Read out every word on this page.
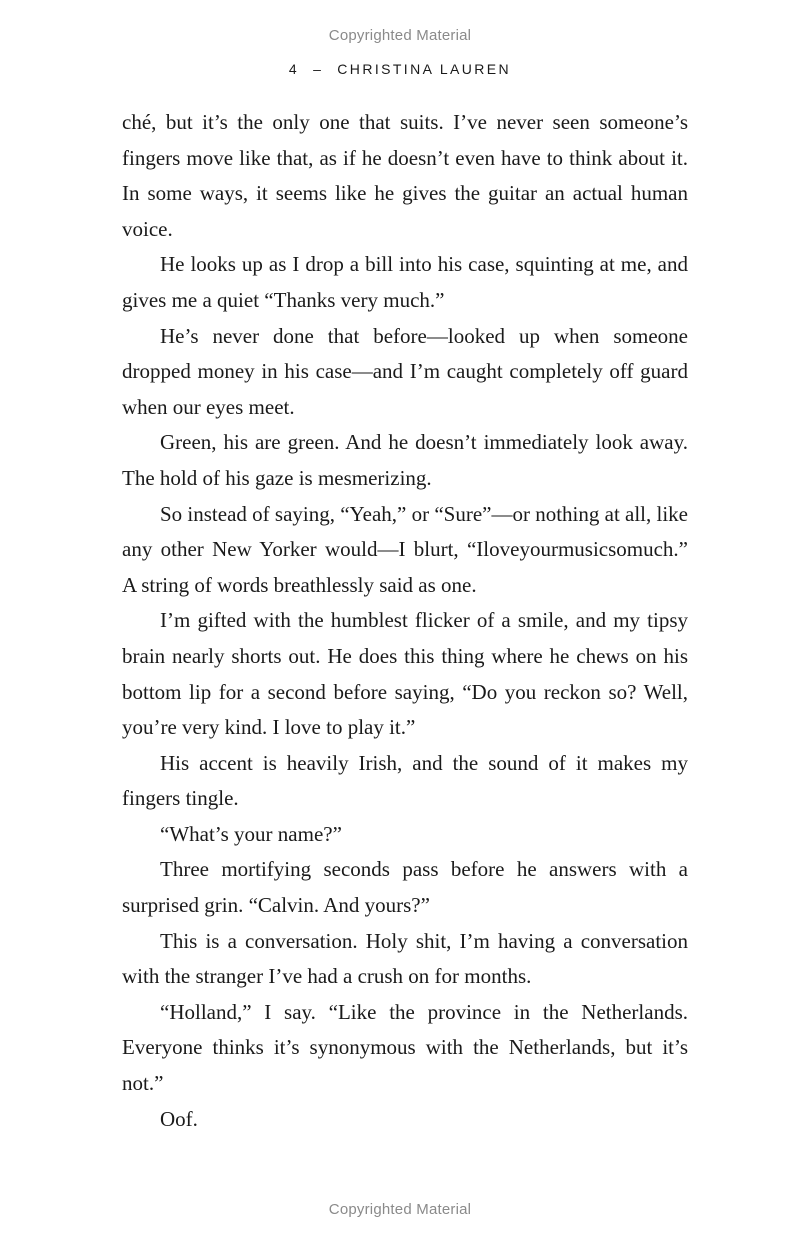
Copyrighted Material
4 – CHRISTINA LAUREN

ché, but it’s the only one that suits. I’ve never seen someone’s fingers move like that, as if he doesn’t even have to think about it. In some ways, it seems like he gives the guitar an actual human voice.

He looks up as I drop a bill into his case, squinting at me, and gives me a quiet “Thanks very much.”

He’s never done that before—looked up when someone dropped money in his case—and I’m caught completely off guard when our eyes meet.

Green, his are green. And he doesn’t immediately look away. The hold of his gaze is mesmerizing.

So instead of saying, “Yeah,” or “Sure”—or nothing at all, like any other New Yorker would—I blurt, “Iloveyourmusicsomuch.” A string of words breathlessly said as one.

I’m gifted with the humblest flicker of a smile, and my tipsy brain nearly shorts out. He does this thing where he chews on his bottom lip for a second before saying, “Do you reckon so? Well, you’re very kind. I love to play it.”

His accent is heavily Irish, and the sound of it makes my fingers tingle.

“What’s your name?”

Three mortifying seconds pass before he answers with a surprised grin. “Calvin. And yours?”

This is a conversation. Holy shit, I’m having a conversation with the stranger I’ve had a crush on for months.

“Holland,” I say. “Like the province in the Netherlands. Everyone thinks it’s synonymous with the Netherlands, but it’s not.”

Oof.

Copyrighted Material
